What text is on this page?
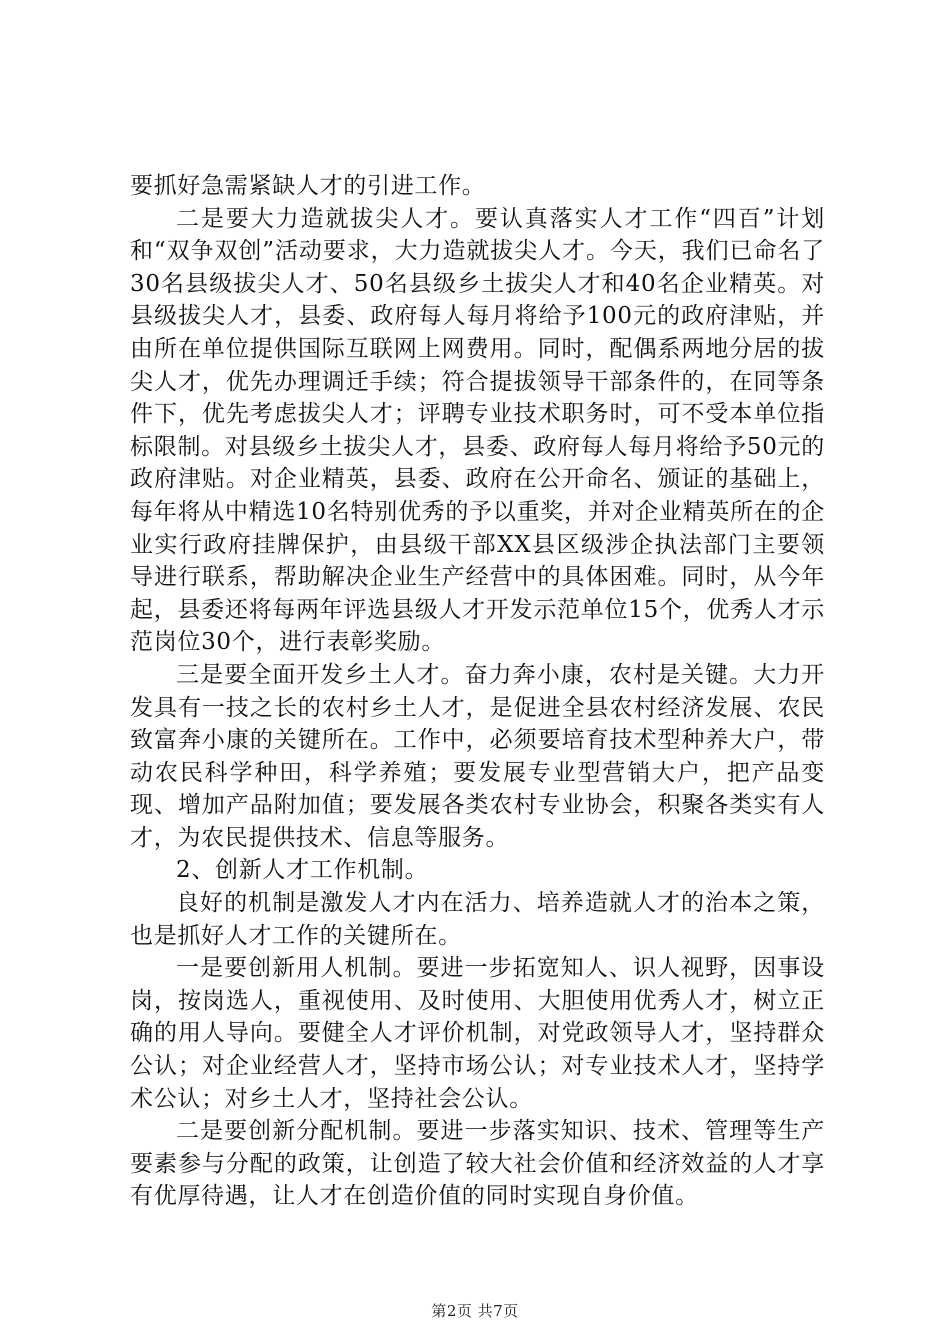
要抓好急需紧缺人才的引进工作。

二是要大力造就拔尖人才。要认真落实人才工作“四百”计划和“双争双创”活动要求，大力造就拔尖人才。今天，我们已命名了30名县级拔尖人才、50名县级乡土拔尖人才和40名企业精英。对县级拔尖人才，县委、政府每人每月将给予100元的政府津贴，并由所在单位提供国际互联网上网费用。同时，配偶系两地分居的拔尖人才，优先办理调迁手续；符合提拔领导干部条件的，在同等条件下，优先考虑拔尖人才；评聘专业技术职务时，可不受本单位指标限制。对县级乡土拔尖人才，县委、政府每人每月将给予50元的政府津贴。对企业精英，县委、政府在公开命名、颁证的基础上，每年将从中精选10名特别优秀的予以重奖，并对企业精英所在的企业实行政府挂牌保护，由县级干部XX县区级涉企执法部门主要领导进行联系，帮助解决企业生产经营中的具体困难。同时，从今年起，县委还将每两年评选县级人才开发示范单位15个，优秀人才示范岗位30个，进行表彰奖励。

三是要全面开发乡土人才。奋力奔小康，农村是关键。大力开发具有一技之长的农村乡土人才，是促进全县农村经济发展、农民致富奔小康的关键所在。工作中，必须要培育技术型种养大户，带动农民科学种田，科学养殖；要发展专业型营销大户，把产品变现、增加产品附加值；要发展各类农村专业协会，积聚各类实有人才，为农民提供技术、信息等服务。

2、创新人才工作机制。

良好的机制是激发人才内在活力、培养造就人才的治本之策，也是抓好人才工作的关键所在。

一是要创新用人机制。要进一步拓宽知人、识人视野，因事设岗，按岗选人，重视使用、及时使用、大胆使用优秀人才，树立正确的用人导向。要健全人才评价机制，对党政领导人才，坚持群众公认；对企业经营人才，坚持市场公认；对专业技术人才，坚持学术公认；对乡土人才，坚持社会公认。

二是要创新分配机制。要进一步落实知识、技术、管理等生产要素参与分配的政策，让创造了较大社会价值和经济效益的人才享有优厚待遇，让人才在创造价值的同时实现自身价值。

第2页 共7页
